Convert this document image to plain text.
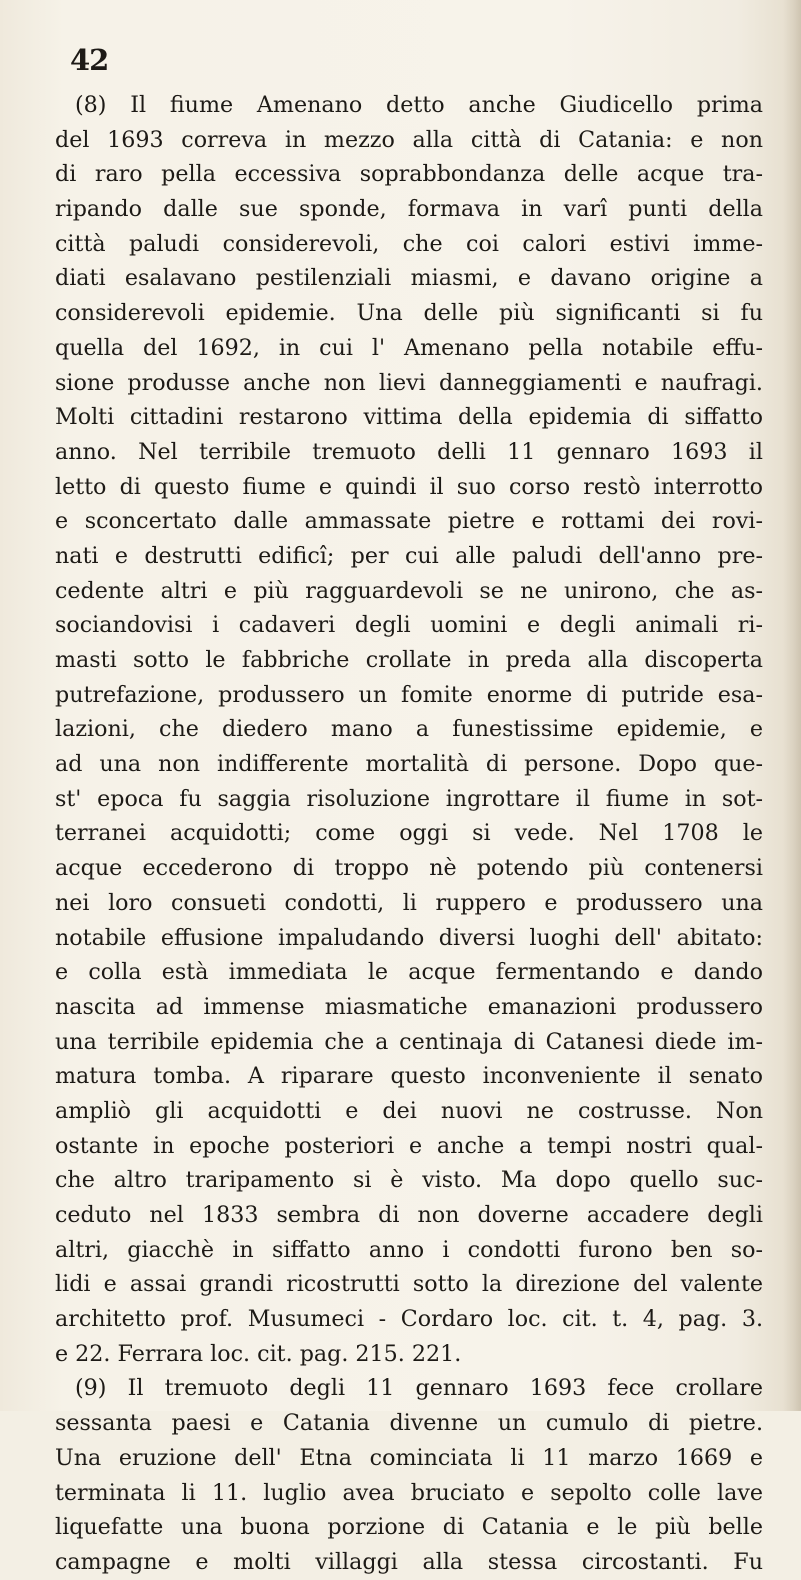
42
(8) Il fiume Amenano detto anche Giudicello prima
del 1693 correva in mezzo alla città di Catania: e non
di raro pella eccessiva soprabbondanza delle acque tra-
ripando dalle sue sponde, formava in varî punti della
città paludi considerevoli, che coi calori estivi imme-
diati esalavano pestilenziali miasmi, e davano origine a
considerevoli epidemie. Una delle più significanti si fu
quella del 1692, in cui l' Amenano pella notabile effu-
sione produsse anche non lievi danneggiamenti e naufragi.
Molti cittadini restarono vittima della epidemia di siffatto
anno. Nel terribile tremuoto delli 11 gennaro 1693 il
letto di questo fiume e quindi il suo corso restò interrotto
e sconcertato dalle ammassate pietre e rottami dei rovi-
nati e destrutti edificî; per cui alle paludi dell'anno pre-
cedente altri e più ragguardevoli se ne unirono, che as-
sociandovisi i cadaveri degli uomini e degli animali ri-
masti sotto le fabbriche crollate in preda alla discoperta
putrefazione, produssero un fomite enorme di putride esa-
lazioni, che diedero mano a funestissime epidemie, e
ad una non indifferente mortalità di persone. Dopo que-
st' epoca fu saggia risoluzione ingrottare il fiume in sot-
terranei acquidotti; come oggi si vede. Nel 1708 le
acque eccederono di troppo nè potendo più contenersi
nei loro consueti condotti, li ruppero e produssero una
notabile effusione impaludando diversi luoghi dell' abitato:
e colla està immediata le acque fermentando e dando
nascita ad immense miasmatiche emanazioni produssero
una terribile epidemia che a centinaja di Catanesi diede im-
matura tomba. A riparare questo inconveniente il senato
ampliò gli acquidotti e dei nuovi ne costrusse. Non
ostante in epoche posteriori e anche a tempi nostri qual-
che altro traripamento si è visto. Ma dopo quello suc-
ceduto nel 1833 sembra di non doverne accadere degli
altri, giacchè in siffatto anno i condotti furono ben so-
lidi e assai grandi ricostrutti sotto la direzione del valente
architetto prof. Musumeci - Cordaro loc. cit. t. 4, pag. 3.
e 22. Ferrara loc. cit. pag. 215. 221.
(9) Il tremuoto degli 11 gennaro 1693 fece crollare
sessanta paesi e Catania divenne un cumulo di pietre.
Una eruzione dell' Etna cominciata li 11 marzo 1669 e
terminata li 11. luglio avea bruciato e sepolto colle lave
liquefatte una buona porzione di Catania e le più belle
campagne e molti villaggi alla stessa circostanti. Fu
